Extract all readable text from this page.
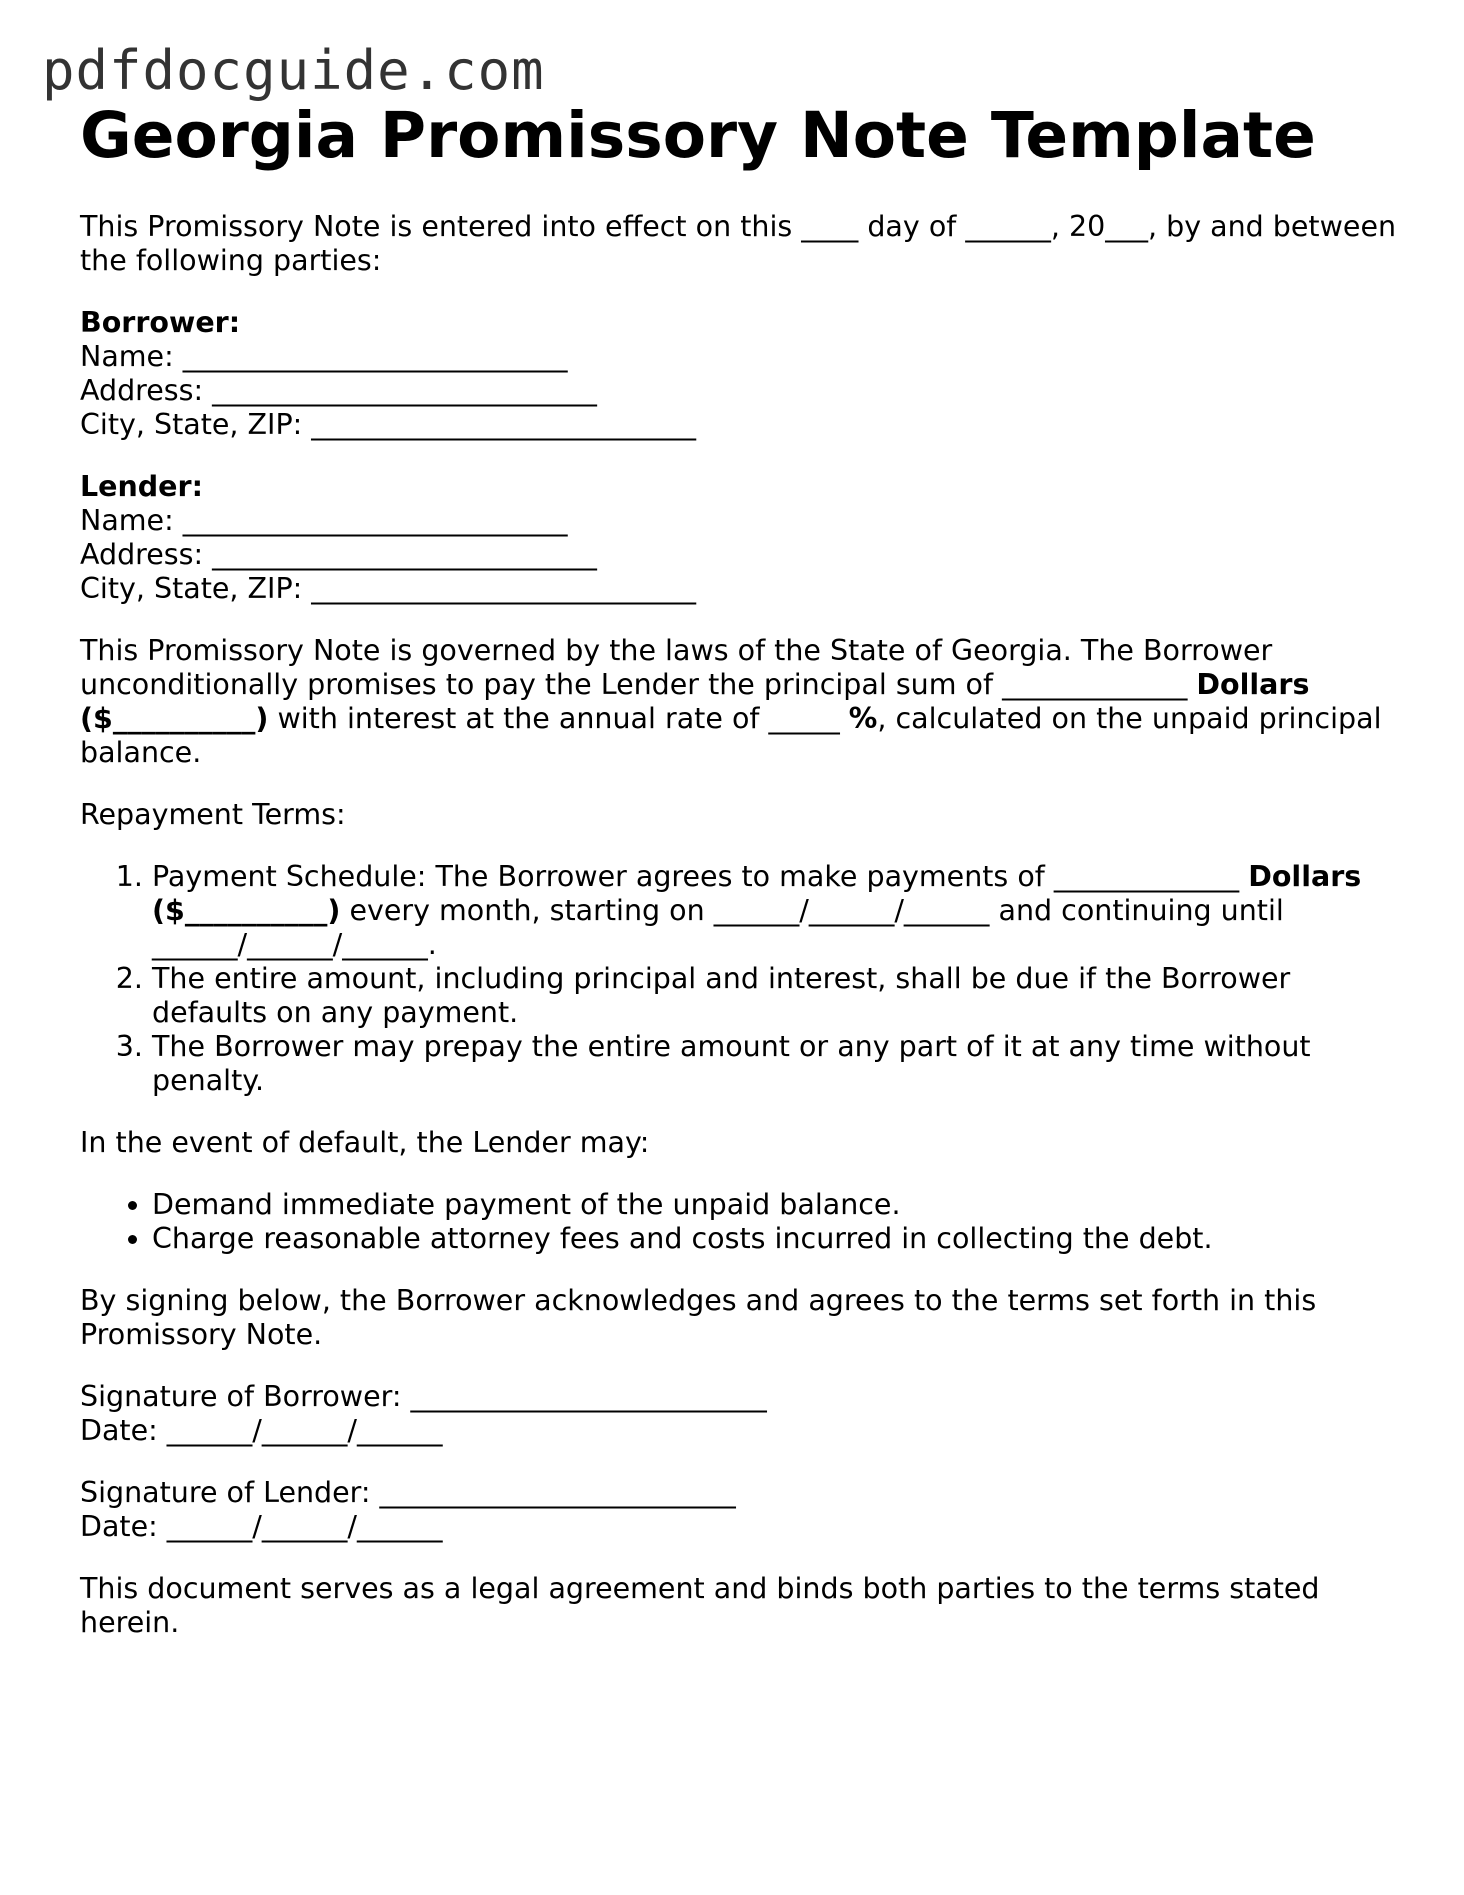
pdfdocguide.com
Georgia Promissory Note Template

This Promissory Note is entered into effect on this ____ day of ______, 20___, by and between the following parties:

Borrower:
Name: ___________________________
Address: ___________________________
City, State, ZIP: ___________________________
Lender:
Name: ___________________________
Address: ___________________________
City, State, ZIP: ___________________________

This Promissory Note is governed by the laws of the State of Georgia. The Borrower unconditionally promises to pay the Lender the principal sum of _____________ Dollars ($__________) with interest at the annual rate of _____ %, calculated on the unpaid principal balance.

Repayment Terms:

1. Payment Schedule: The Borrower agrees to make payments of _____________ Dollars ($__________) every month, starting on ______/______/______ and continuing until ______/______/______.
2. The entire amount, including principal and interest, shall be due if the Borrower defaults on any payment.
3. The Borrower may prepay the entire amount or any part of it at any time without penalty.

In the event of default, the Lender may:

• Demand immediate payment of the unpaid balance.
• Charge reasonable attorney fees and costs incurred in collecting the debt.

By signing below, the Borrower acknowledges and agrees to the terms set forth in this Promissory Note.

Signature of Borrower: _________________________
Date: ______/______/______
Signature of Lender: _________________________
Date: ______/______/______

This document serves as a legal agreement and binds both parties to the terms stated herein.
